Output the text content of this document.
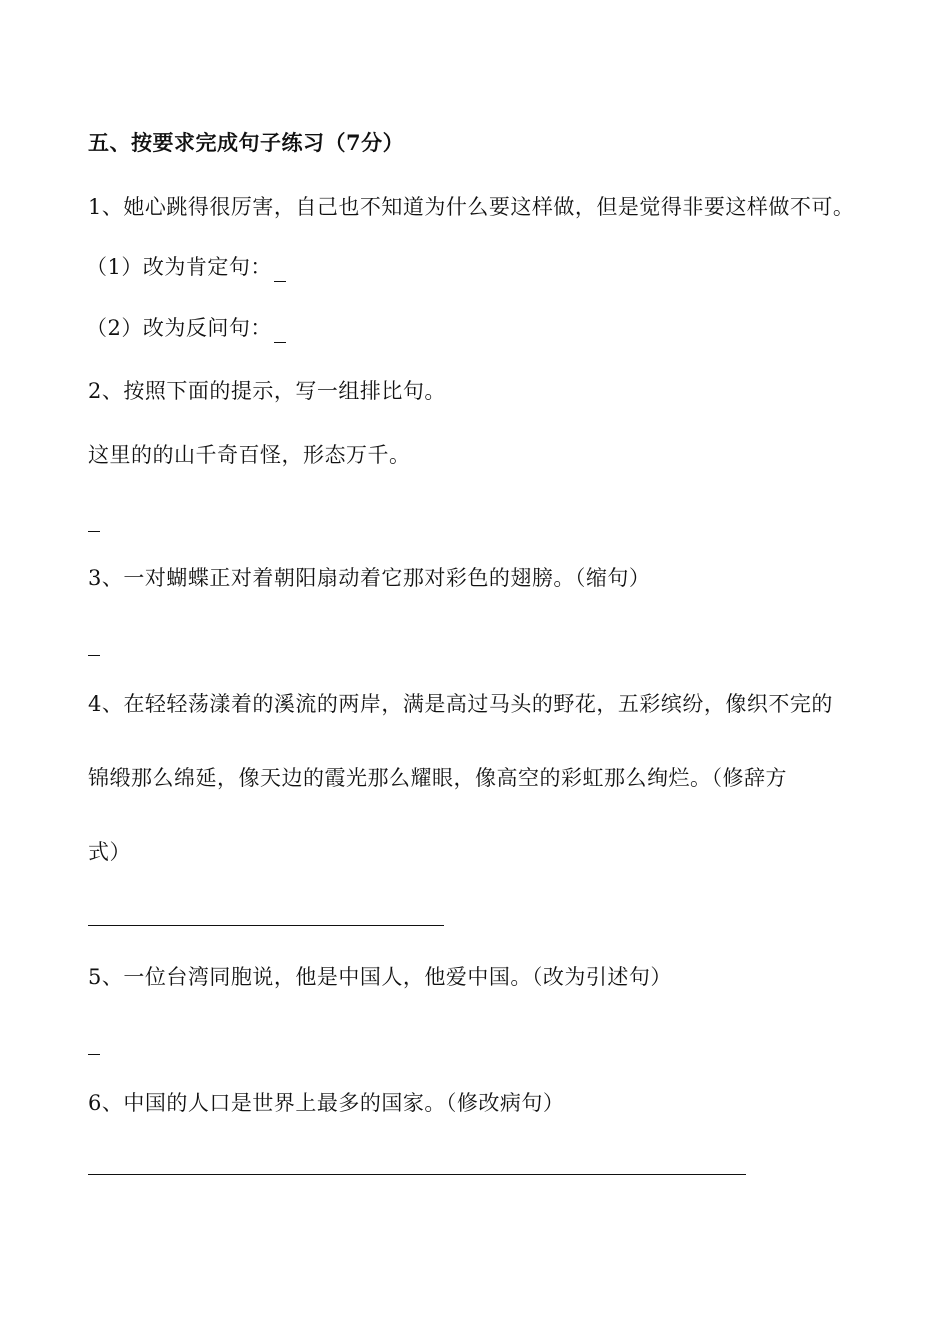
五、按要求完成句子练习（7分）
1、她心跳得很厉害，自己也不知道为什么要这样做，但是觉得非要这样做不可。
（1）改为肯定句：
（2）改为反问句：
2、按照下面的提示，写一组排比句。
这里的的山千奇百怪，形态万千。
3、一对蝴蝶正对着朝阳扇动着它那对彩色的翅膀。（缩句）
4、在轻轻荡漾着的溪流的两岸，满是高过马头的野花，五彩缤纷，像织不完的
锦缎那么绵延，像天边的霞光那么耀眼，像高空的彩虹那么绚烂。（修辞方
式）
5、一位台湾同胞说，他是中国人，他爱中国。（改为引述句）
6、中国的人口是世界上最多的国家。（修改病句）
